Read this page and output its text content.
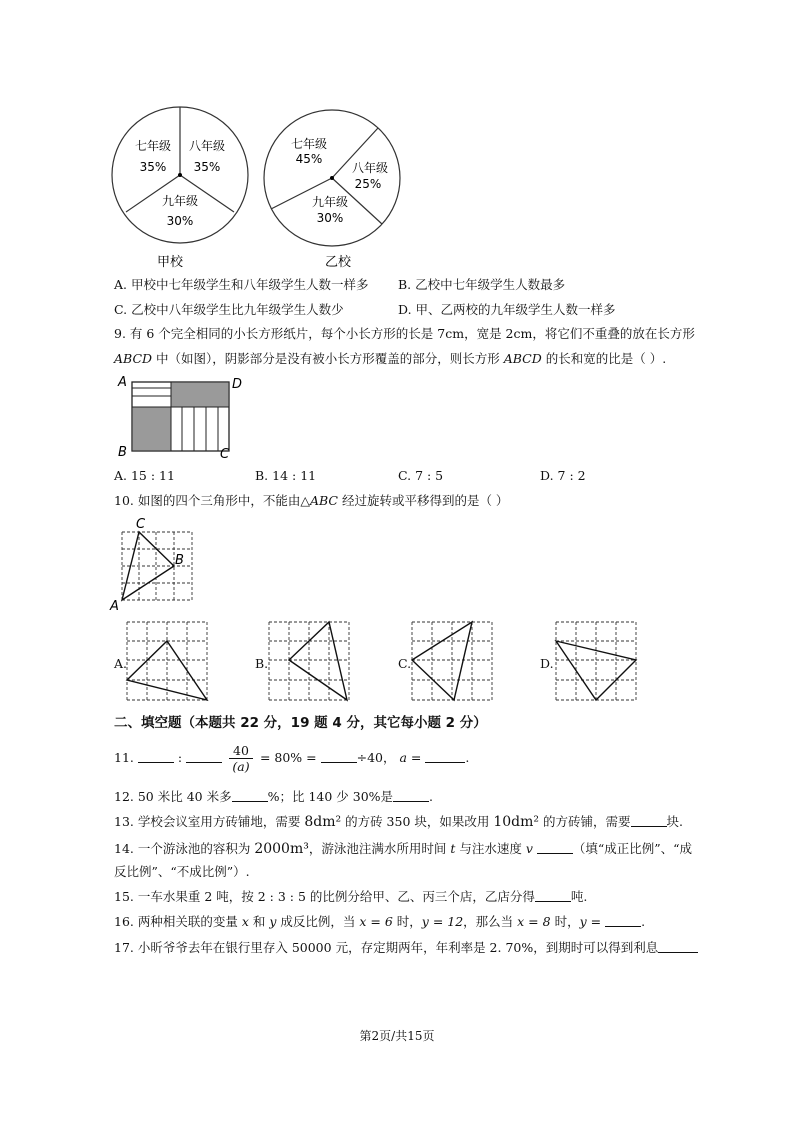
七年级
35%
八年级
35%
九年级
30%
甲校
七年级
45%
八年级
25%
九年级
30%
乙校
A. 甲校中七年级学生和八年级学生人数一样多 B. 乙校中七年级学生人数最多
C. 乙校中八年级学生比九年级学生人数少	D. 甲、乙两校的九年级学生人数一样多
9. 有 6 个完全相同的小长方形纸片，每个小长方形的长是 7cm，宽是 2cm，将它们不重叠的放在长方形
ABCD 中（如图），阴影部分是没有被小长方形覆盖的部分，则长方形 ABCD 的长和宽的比是（ ）.
A	D
B	C
A. 15 : 11	B. 14 : 11	C. 7 : 5	D. 7 : 2
10. 如图的四个三角形中，不能由△ABC 经过旋转或平移得到的是（ ）
C
B
A
A.	B.	C.	D.
二、填空题（本题共 22 分，19 题 4 分，其它每小题 2 分）
11.	:	$\frac{40}{(a)} = 80\%$ =	÷40， a =	.
12. 50 米比 40 米多	%；比 140 少 30%是	.
13. 学校会议室用方砖铺地，需要 8dm² 的方砖 350 块，如果改用 10dm² 的方砖铺，需要	块.
14. 一个游泳池的容积为 2000m³，游泳池注满水所用时间 t 与注水速度 v	（填“成正比例”、“成
反比例”、“不成比例”）.
15. 一车水果重 2 吨，按 2 : 3 : 5 的比例分给甲、乙、丙三个店，乙店分得	吨.
16. 两种相关联的变量 x 和 y 成反比例，当 x = 6 时，y = 12，那么当 x = 8 时，y =	.
17. 小昕爷爷去年在银行里存入 50000 元，存定期两年，年利率是 2. 70%，到期时可以得到利息
第2页/共15页
